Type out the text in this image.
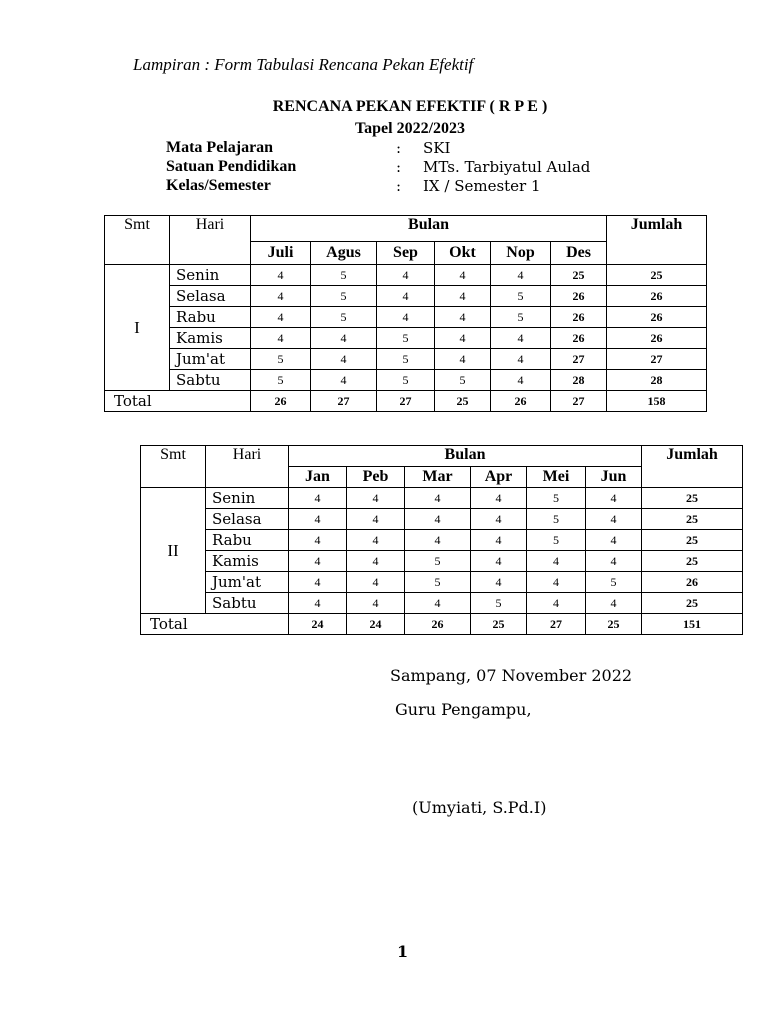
Lampiran : Form Tabulasi Rencana Pekan Efektif
RENCANA PEKAN EFEKTIF ( R P E )
Tapel 2022/2023
Mata Pelajaran	: SKI
Satuan Pendidikan	: MTs. Tarbiyatul Aulad
Kelas/Semester	: IX / Semester 1
Smt	Hari	Bulan						Jumlah
		Juli	Agus	Sep	Okt	Nop	Des	
I	Senin	4	5	4	4	4	25	25
	Selasa	4	5	4	4	5	26	26
	Rabu	4	5	4	4	5	26	26
	Kamis	4	4	5	4	4	26	26
	Jum'at	5	4	5	4	4	27	27
	Sabtu	5	4	5	5	4	28	28
Total		26	27	27	25	26	27	158
Smt	Hari	Bulan						Jumlah
		Jan	Peb	Mar	Apr	Mei	Jun	
II	Senin	4	4	4	4	5	4	25
	Selasa	4	4	4	4	5	4	25
	Rabu	4	4	4	4	5	4	25
	Kamis	4	4	5	4	4	4	25
	Jum'at	4	4	5	4	4	5	26
	Sabtu	4	4	4	5	4	4	25
Total		24	24	26	25	27	25	151
Sampang, 07 November 2022
Guru Pengampu,
(Umyiati, S.Pd.I)
1
